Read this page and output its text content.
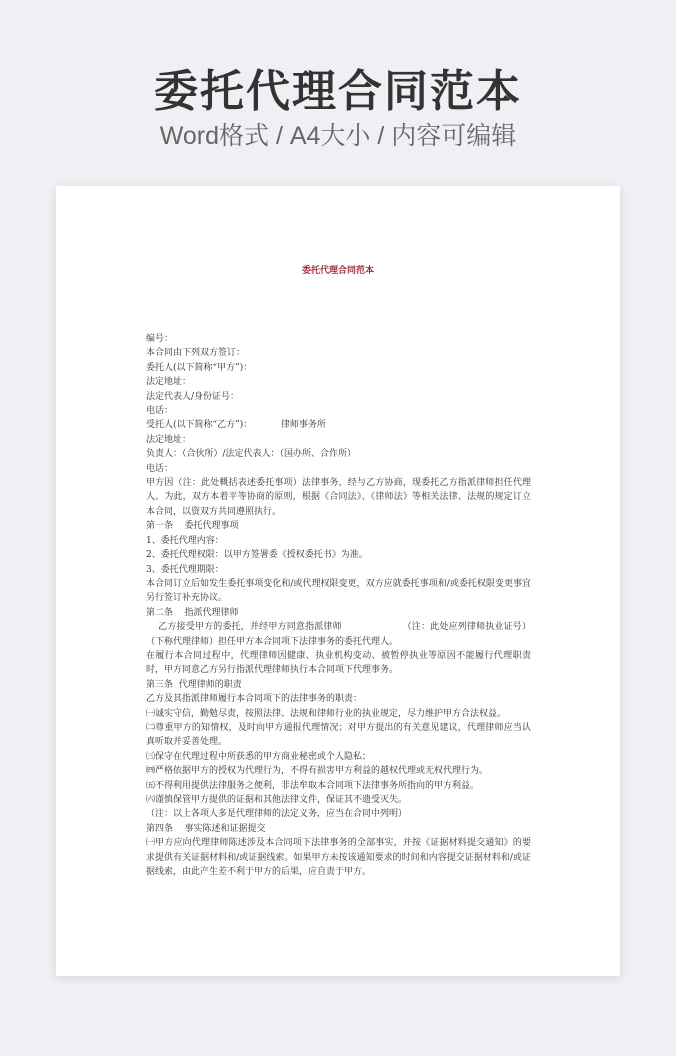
委托代理合同范本
Word格式 / A4大小 / 内容可编辑
委托代理合同范本

编号：

本合同由下列双方签订：

委托人(以下简称“甲方”)：

法定地址：

法定代表人/身份证号：

电话：

受托人(以下简称“乙方”)：          律师事务所

法定地址：

负责人：（合伙所）/法定代表人：（国办所、合作所）

电话：

甲方因（注：此处概括表述委托事项）法律事务，经与乙方协商，现委托乙方指派律师担任代理人。为此，双方本着平等协商的原则，根据《合同法》、《律师法》等相关法律、法规的规定订立本合同，以资双方共同遵照执行。

第一条    委托代理事项

1、委托代理内容：

2、委托代理权限：以甲方签署委《授权委托书》为准。

3、委托代理期限：

本合同订立后如发生委托事项变化和/或代理权限变更，双方应就委托事项和/或委托权限变更事宜另行签订补充协议。

第二条    指派代理律师

乙方接受甲方的委托，并经甲方同意指派律师                    （注：此处应列律师执业证号）（下称代理律师）担任甲方本合同项下法律事务的委托代理人。

在履行本合同过程中，代理律师因健康、执业机构变动、被暂停执业等原因不能履行代理职责时，甲方同意乙方另行指派代理律师执行本合同项下代理事务。

第三条  代理律师的职责

乙方及其指派律师履行本合同项下的法律事务的职责：

㈠诚实守信，勤勉尽责，按照法律、法规和律师行业的执业规定，尽力维护甲方合法权益。

㈡尊重甲方的知情权，及时向甲方通报代理情况；对甲方提出的有关意见建议，代理律师应当认真听取并妥善处理。

㈢保守在代理过程中所获悉的甲方商业秘密或个人隐私；

㈣严格依据甲方的授权为代理行为，不得有损害甲方利益的越权代理或无权代理行为。

㈤不得利用提供法律服务之便利，非法牟取本合同项下法律事务所指向的甲方利益。

㈥谨慎保管甲方提供的证据和其他法律文件，保证其不遗受灭失。

（注：以上各项人多是代理律师的法定义务，应当在合同中列明）

第四条    事实陈述和证据提交

㈠甲方应向代理律师陈述涉及本合同项下法律事务的全部事实，并按《证据材料提交通知》的要求提供有关证据材料和/或证据线索。如果甲方未按该通知要求的时间和内容提交证据材料和/或证据线索，由此产生差不利于甲方的后果，应自责于甲方。
